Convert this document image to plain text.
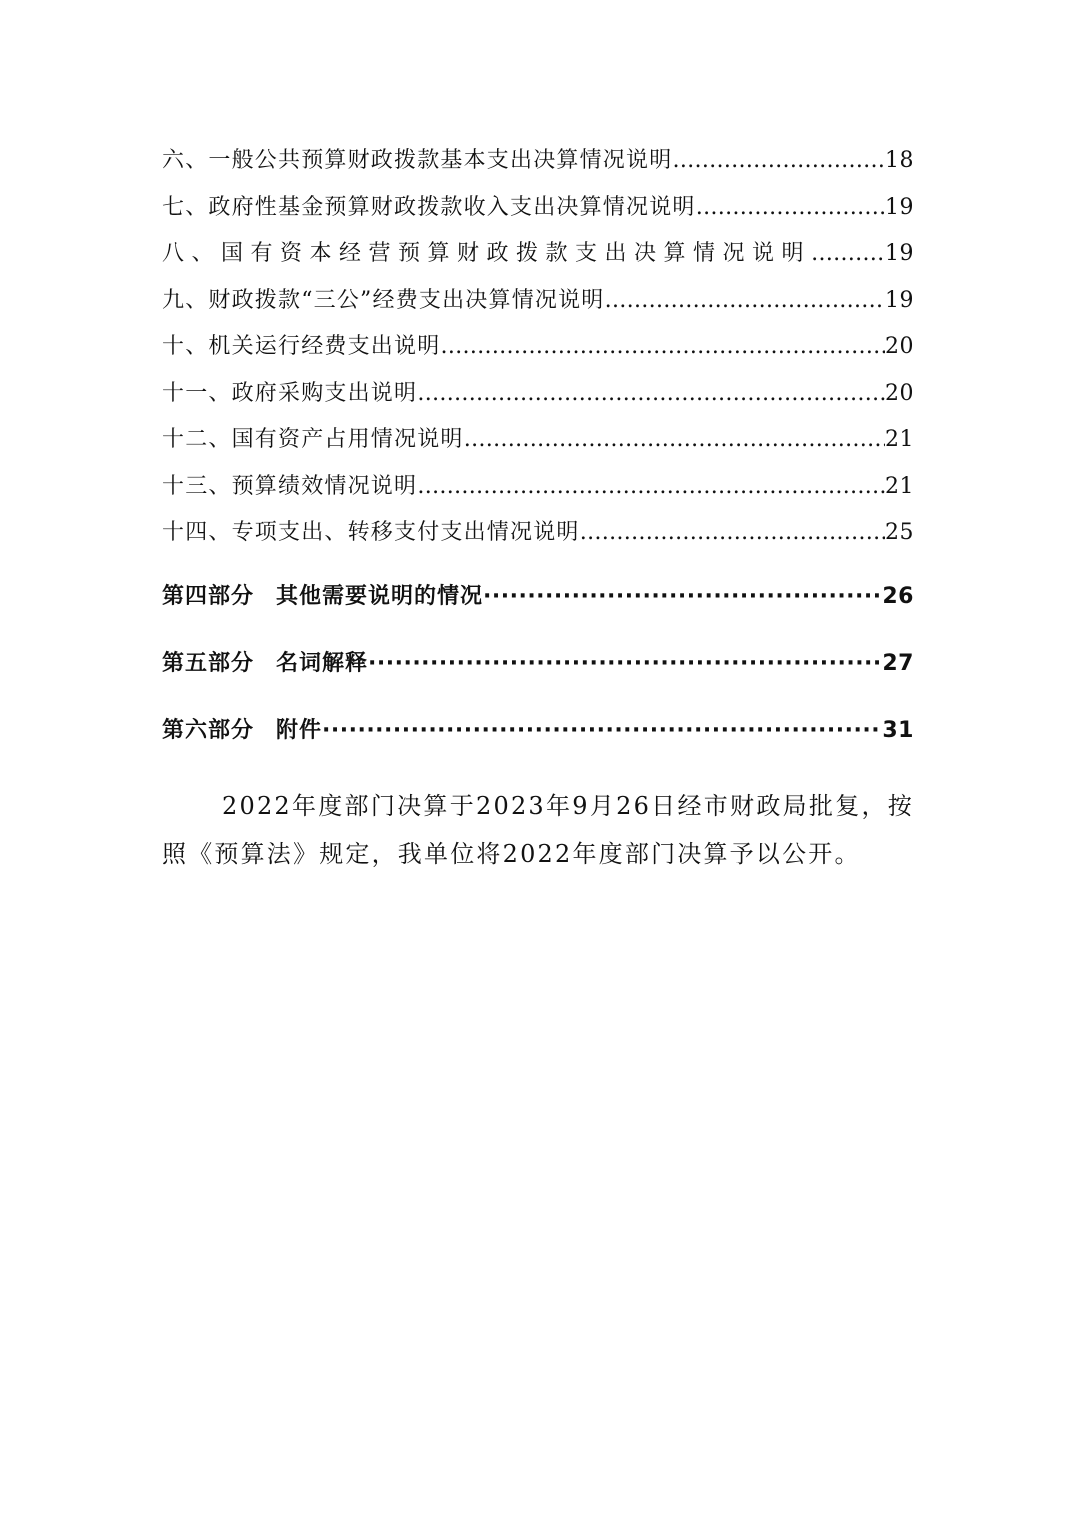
六、一般公共预算财政拨款基本支出决算情况说明 …………………………………………………………………………………………………………………………	18
七、政府性基金预算财政拨款收入支出决算情况说明 …………………………………………………………………………………………………………………………	19
八、国有资本经营预算财政拨款支出决算情况说明 …………………………………………………………………………………………………………………………	19
九、财政拨款“三公”经费支出决算情况说明 …………………………………………………………………………………………………………………………	19
十、机关运行经费支出说明 …………………………………………………………………………………………………………………………	20
十一、政府采购支出说明 …………………………………………………………………………………………………………………………	20
十二、国有资产占用情况说明 …………………………………………………………………………………………………………………………	21
十三、预算绩效情况说明 …………………………………………………………………………………………………………………………	21
十四、专项支出、转移支付支出情况说明 …………………………………………………………………………………………………………………………	25
第四部分 其他需要说明的情况 ·····	26
第五部分 名词解释 ·····	27
第六部分 附件 ·····	31

2022年度部门决算于2023年9月26日经市财政局批复，按照《预算法》规定，我单位将2022年度部门决算予以公开。
